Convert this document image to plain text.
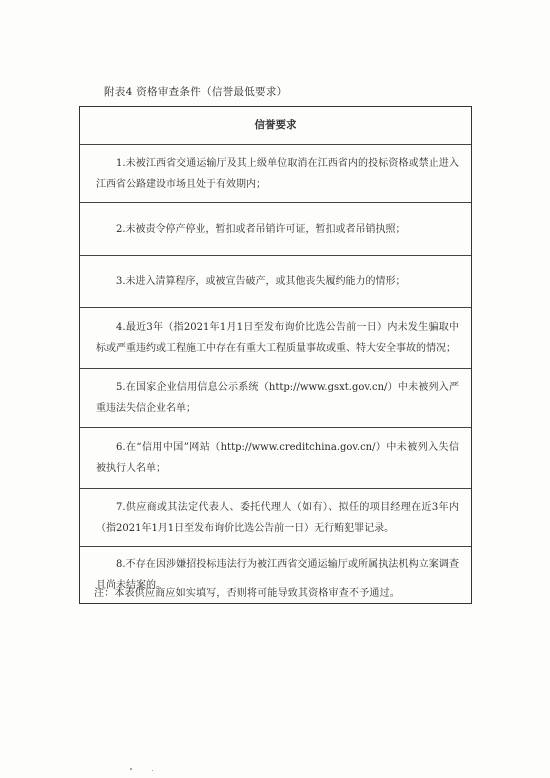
附表4 资格审查条件（信誉最低要求）
信誉要求
1.未被江西省交通运输厅及其上级单位取消在江西省内的投标资格或禁止进入江西省公路建设市场且处于有效期内；
2.未被责令停产停业，暂扣或者吊销许可证，暂扣或者吊销执照；
3.未进入清算程序，或被宣告破产，或其他丧失履约能力的情形；
4.最近3年（指2021年1月1日至发布询价比选公告前一日）内未发生骗取中标或严重违约或工程施工中存在有重大工程质量事故或重、特大安全事故的情况；
5.在国家企业信用信息公示系统（http://www.gsxt.gov.cn/）中未被列入严重违法失信企业名单；
6.在“信用中国”网站（http://www.creditchina.gov.cn/）中未被列入失信被执行人名单；
7.供应商或其法定代表人、委托代理人（如有）、拟任的项目经理在近3年内（指2021年1月1日至发布询价比选公告前一日）无行贿犯罪记录。
8.不存在因涉嫌招投标违法行为被江西省交通运输厅或所属执法机构立案调查且尚未结案的。
注：本表供应商应如实填写，否则将可能导致其资格审查不予通过。
